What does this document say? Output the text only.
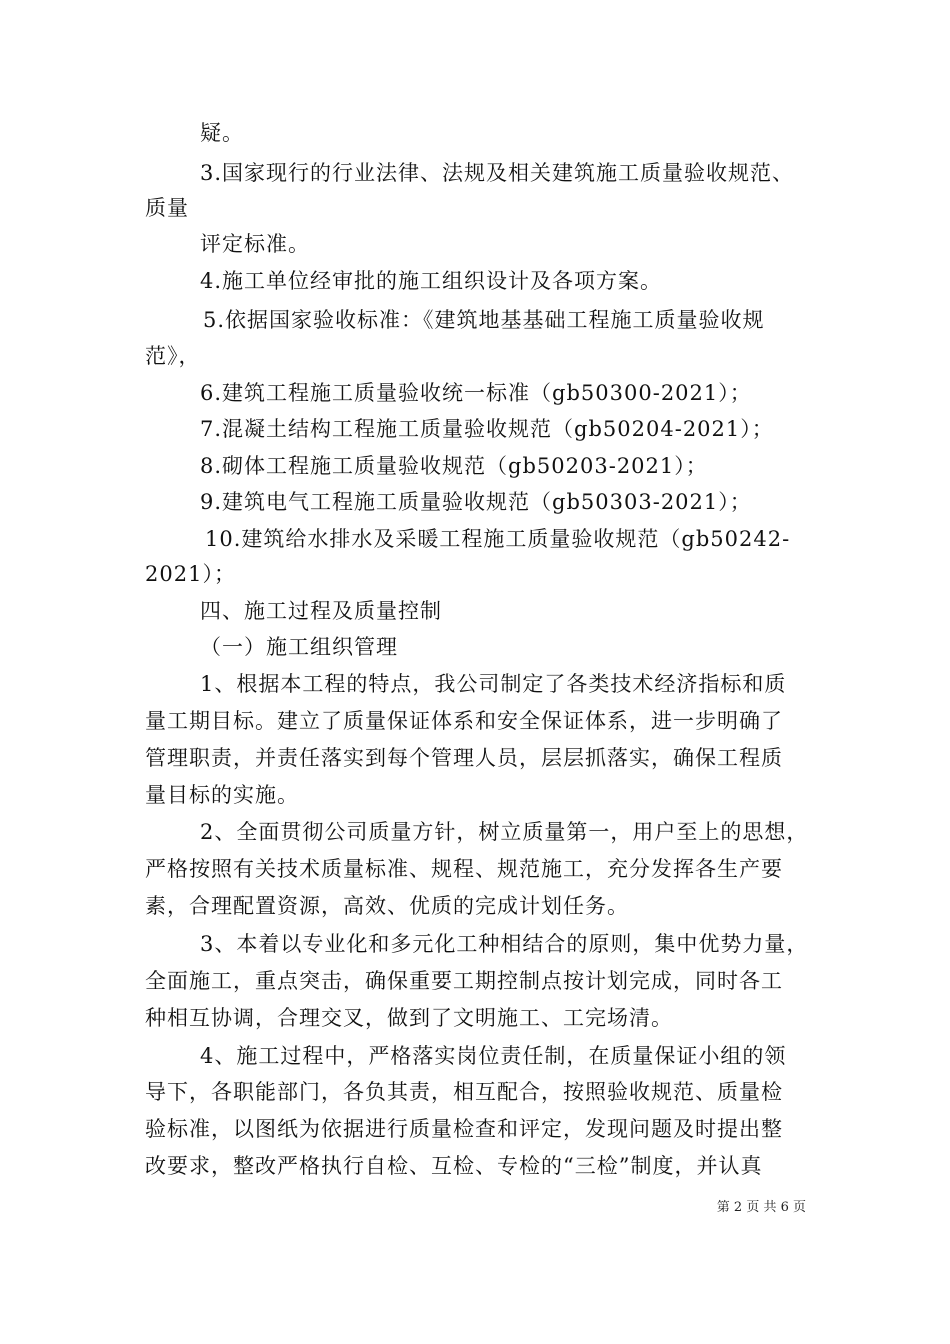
疑。
3.国家现行的行业法律、法规及相关建筑施工质量验收规范、
质量
评定标准。
4.施工单位经审批的施工组织设计及各项方案。
5.依据国家验收标准：《建筑地基基础工程施工质量验收规
范》，
6.建筑工程施工质量验收统一标准（gb50300-2021）；
7.混凝土结构工程施工质量验收规范（gb50204-2021）；
8.砌体工程施工质量验收规范（gb50203-2021）；
9.建筑电气工程施工质量验收规范（gb50303-2021）；
10.建筑给水排水及采暖工程施工质量验收规范（gb50242-
2021）；
四、施工过程及质量控制
（一）施工组织管理
1、根据本工程的特点，我公司制定了各类技术经济指标和质
量工期目标。建立了质量保证体系和安全保证体系，进一步明确了
管理职责，并责任落实到每个管理人员，层层抓落实，确保工程质
量目标的实施。
2、全面贯彻公司质量方针，树立质量第一，用户至上的思想，
严格按照有关技术质量标准、规程、规范施工，充分发挥各生产要
素，合理配置资源，高效、优质的完成计划任务。
3、本着以专业化和多元化工种相结合的原则，集中优势力量，
全面施工，重点突击，确保重要工期控制点按计划完成，同时各工
种相互协调，合理交叉，做到了文明施工、工完场清。
4、施工过程中，严格落实岗位责任制，在质量保证小组的领
导下，各职能部门，各负其责，相互配合，按照验收规范、质量检
验标准，以图纸为依据进行质量检查和评定，发现问题及时提出整
改要求，整改严格执行自检、互检、专检的“三检”制度，并认真
第 2 页 共 6 页
